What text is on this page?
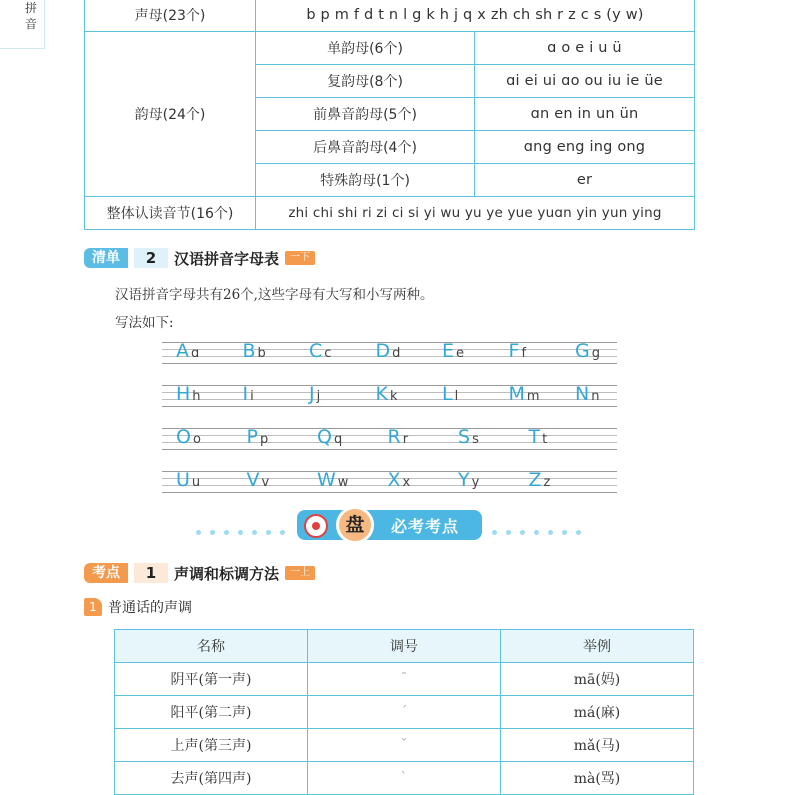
拼
音	声母(23个)	b p m f d t n l g k h j q x zh ch sh r z c s (y w)	
韵母(24个)	单韵母(6个)	ɑ o e i u ü
	复韵母(8个)	ɑi ei ui ɑo ou iu ie üe
	前鼻音韵母(5个)	ɑn en in un ün
	后鼻音韵母(4个)	ɑng eng ing ong
	特殊韵母(1个)	er
整体认读音节(16个)	zhi chi shi ri zi ci si yi wu yu ye yue yuɑn yin yun ying	
清单	2	汉语拼音字母表	一下
汉语拼音字母共有26个,这些字母有大写和小写两种。
写法如下:
A ɑ B b C c D d E e F f	G g
H h I i	J j	K k L l	M m N n
O o P p	Q q R r	S s	T t
U u V v	W w X x	Y y	Z z
盘	必考考点
考点	1	声调和标调方法	一上
1 普通话的声调
名称	调号	举例
阴平(第一声)	ˉ	mā(妈)
阳平(第二声)	ˊ	má(麻)
上声(第三声)	ˇ	mǎ(马)
去声(第四声)	ˋ	mà(骂)
